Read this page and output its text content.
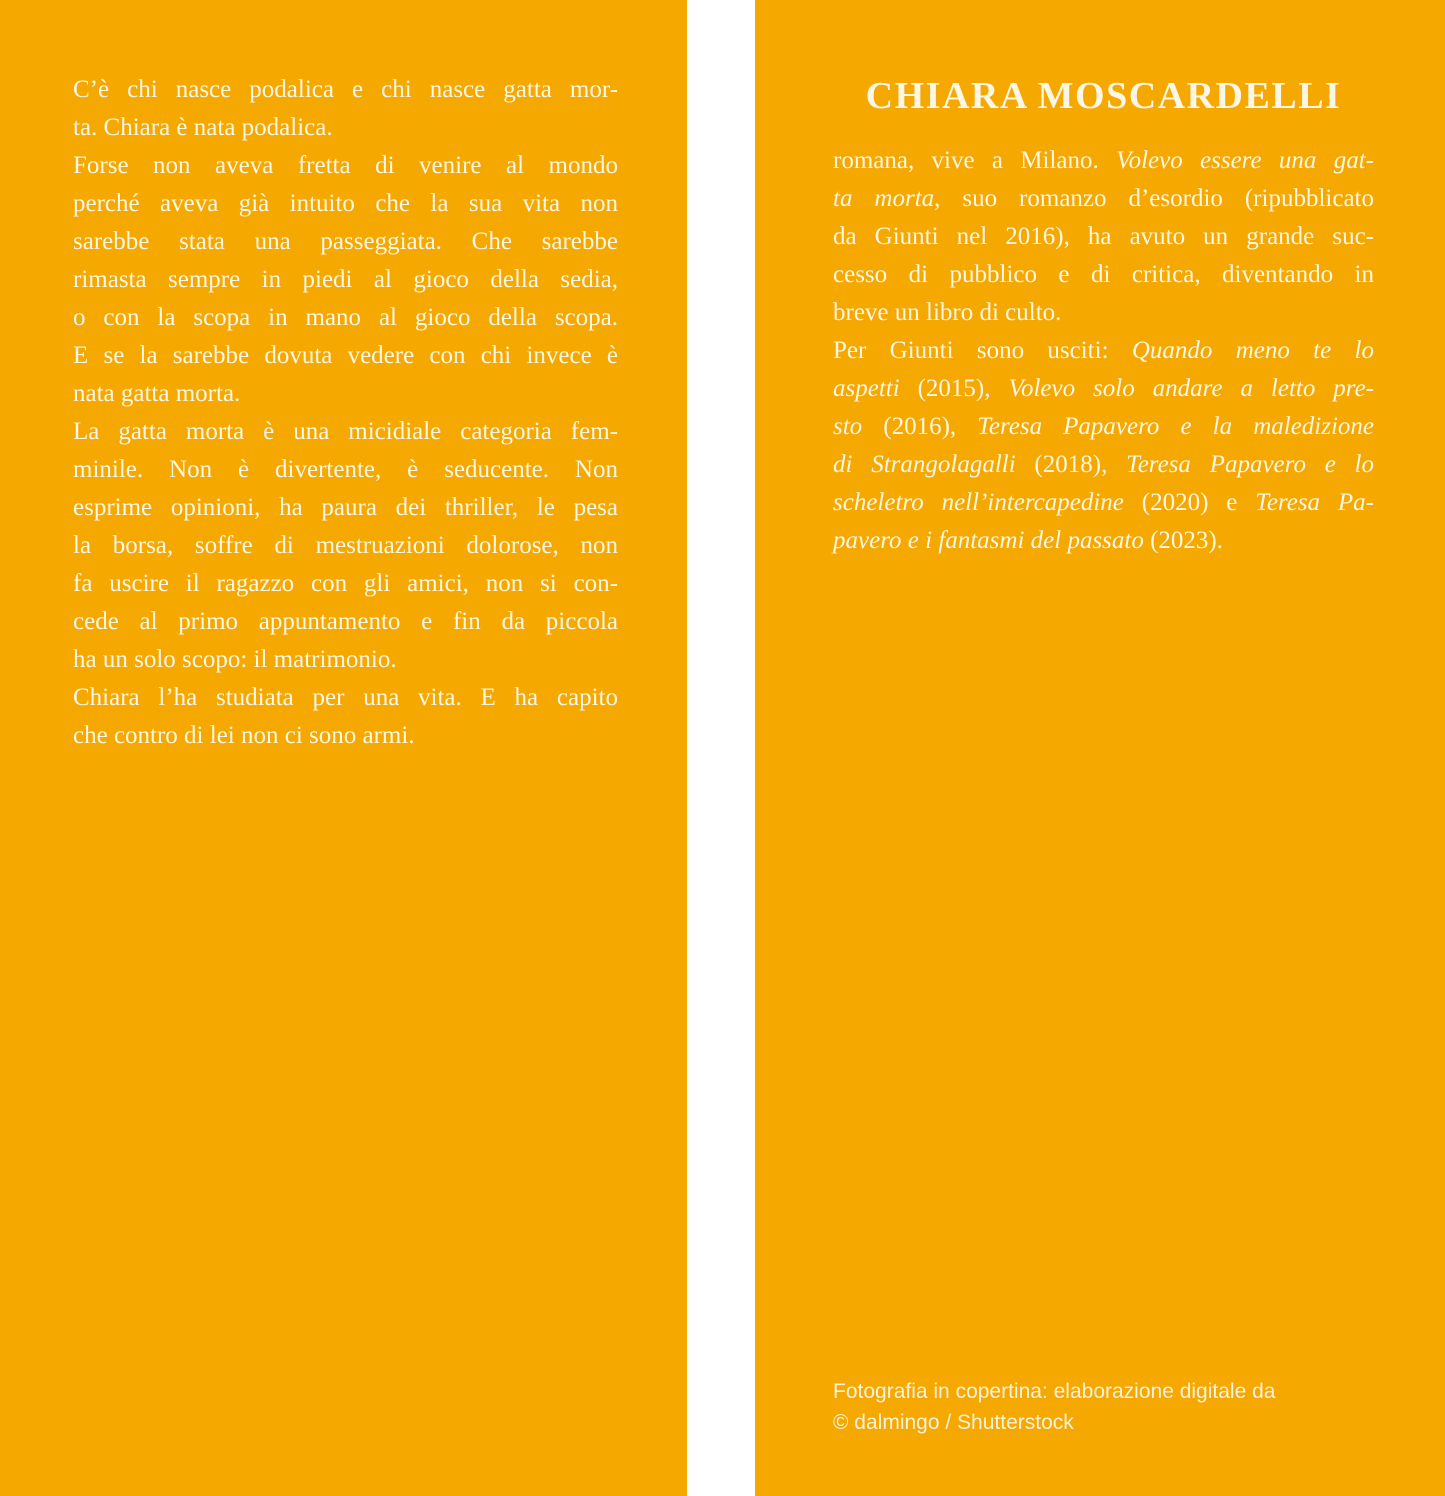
C’è chi nasce podalica e chi nasce gatta mor-
ta. Chiara è nata podalica.
Forse non aveva fretta di venire al mondo
perché aveva già intuito che la sua vita non
sarebbe stata una passeggiata. Che sarebbe
rimasta sempre in piedi al gioco della sedia,
o con la scopa in mano al gioco della scopa.
E se la sarebbe dovuta vedere con chi invece è
nata gatta morta.
La gatta morta è una micidiale categoria fem-
minile. Non è divertente, è seducente. Non
esprime opinioni, ha paura dei thriller, le pesa
la borsa, soffre di mestruazioni dolorose, non
fa uscire il ragazzo con gli amici, non si con-
cede al primo appuntamento e fin da piccola
ha un solo scopo: il matrimonio.
Chiara l’ha studiata per una vita. E ha capito
che contro di lei non ci sono armi.
CHIARA MOSCARDELLI
romana, vive a Milano. Volevo essere una gat-
ta morta, suo romanzo d’esordio (ripubblicato
da Giunti nel 2016), ha avuto un grande suc-
cesso di pubblico e di critica, diventando in
breve un libro di culto.
Per Giunti sono usciti: Quando meno te lo
aspetti (2015), Volevo solo andare a letto pre-
sto (2016), Teresa Papavero e la maledizione
di Strangolagalli (2018), Teresa Papavero e lo
scheletro nell’intercapedine (2020) e Teresa Pa-
pavero e i fantasmi del passato (2023).
Fotografia in copertina: elaborazione digitale da
© dalmingo / Shutterstock
